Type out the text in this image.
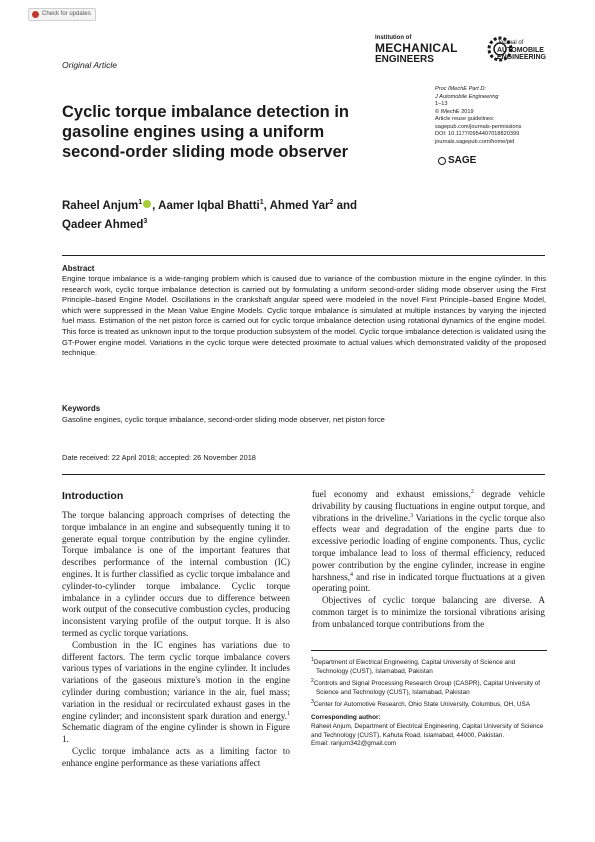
Check for updates
Original Article
Institution of
MECHANICAL
ENGINEERS
Journal of
AUTOMOBILE
ENGINEERING
Proc IMechE Part D:
J Automobile Engineering
1–13
© IMechE 2019
Article reuse guidelines:
sagepub.com/journals-permissions
DOI: 10.1177/0954407018820399
journals.sagepub.com/home/pid
SAGE
Cyclic torque imbalance detection in gasoline engines using a uniform second-order sliding mode observer
Raheel Anjum$^1$ , Aamer Iqbal Bhatti$^1$, Ahmed Yar$^2$ and
Qadeer Ahmed$^3$
Abstract
Engine torque imbalance is a wide-ranging problem which is caused due to variance of the combustion mixture in the engine cylinder. In this research work, cyclic torque imbalance detection is carried out by formulating a uniform second-order sliding mode observer using the First Principle–based Engine Model. Oscillations in the crankshaft angular speed were modeled in the novel First Principle–based Engine Model, which were suppressed in the Mean Value Engine Models. Cyclic torque imbalance is simulated at multiple instances by varying the injected fuel mass. Estimation of the net piston force is carried out for cyclic torque imbalance detection using rotational dynamics of the engine model. This force is treated as unknown input to the torque production subsystem of the model. Cyclic torque imbalance detection is validated using the GT-Power engine model. Variations in the cyclic torque were detected proximate to actual values which demonstrated validity of the proposed technique.
Keywords
Gasoline engines, cyclic torque imbalance, second-order sliding mode observer, net piston force
Date received: 22 April 2018; accepted: 26 November 2018
Introduction

The torque balancing approach comprises of detecting the torque imbalance in an engine and subsequently tuning it to generate equal torque contribution by the engine cylinder. Torque imbalance is one of the important features that describes performance of the internal combustion (IC) engines. It is further classified as cyclic torque imbalance and cylinder-to-cylinder torque imbalance. Cyclic torque imbalance in a cylinder occurs due to difference between work output of the consecutive combustion cycles, producing inconsistent varying profile of the output torque. It is also termed as cyclic torque variations.

Combustion in the IC engines has variations due to different factors. The term cyclic torque imbalance covers various types of variations in the engine cylinder. It includes variations of the gaseous mixture's motion in the engine cylinder during combustion; variance in the air, fuel mass; variation in the residual or recirculated exhaust gases in the engine cylinder; and inconsistent spark duration and energy.$^1$ Schematic diagram of the engine cylinder is shown in Figure 1.

Cyclic torque imbalance acts as a limiting factor to enhance engine performance as these variations affect

fuel economy and exhaust emissions,$^2$ degrade vehicle drivability by causing fluctuations in engine output torque, and vibrations in the driveline.$^3$ Variations in the cyclic torque also effects wear and degradation of the engine parts due to excessive periodic loading of engine components. Thus, cyclic torque imbalance lead to loss of thermal efficiency, reduced power contribution by the engine cylinder, increase in engine harshness,$^4$ and rise in indicated torque fluctuations at a given operating point.

Objectives of cyclic torque balancing are diverse. A common target is to minimize the torsional vibrations arising from unbalanced torque contributions from the

$^1$Department of Electrical Engineering, Capital University of Science and Technology (CUST), Islamabad, Pakistan
$^2$Controls and Signal Processing Research Group (CASPR), Capital University of Science and Technology (CUST), Islamabad, Pakistan
$^3$Center for Automotive Research, Ohio State University, Columbus, OH, USA
Corresponding author:
Raheel Anjum, Department of Electrical Engineering, Capital University of Science and Technology (CUST), Kahuta Road, Islamabad, 44000, Pakistan.
Email: ranjum342@gmail.com
